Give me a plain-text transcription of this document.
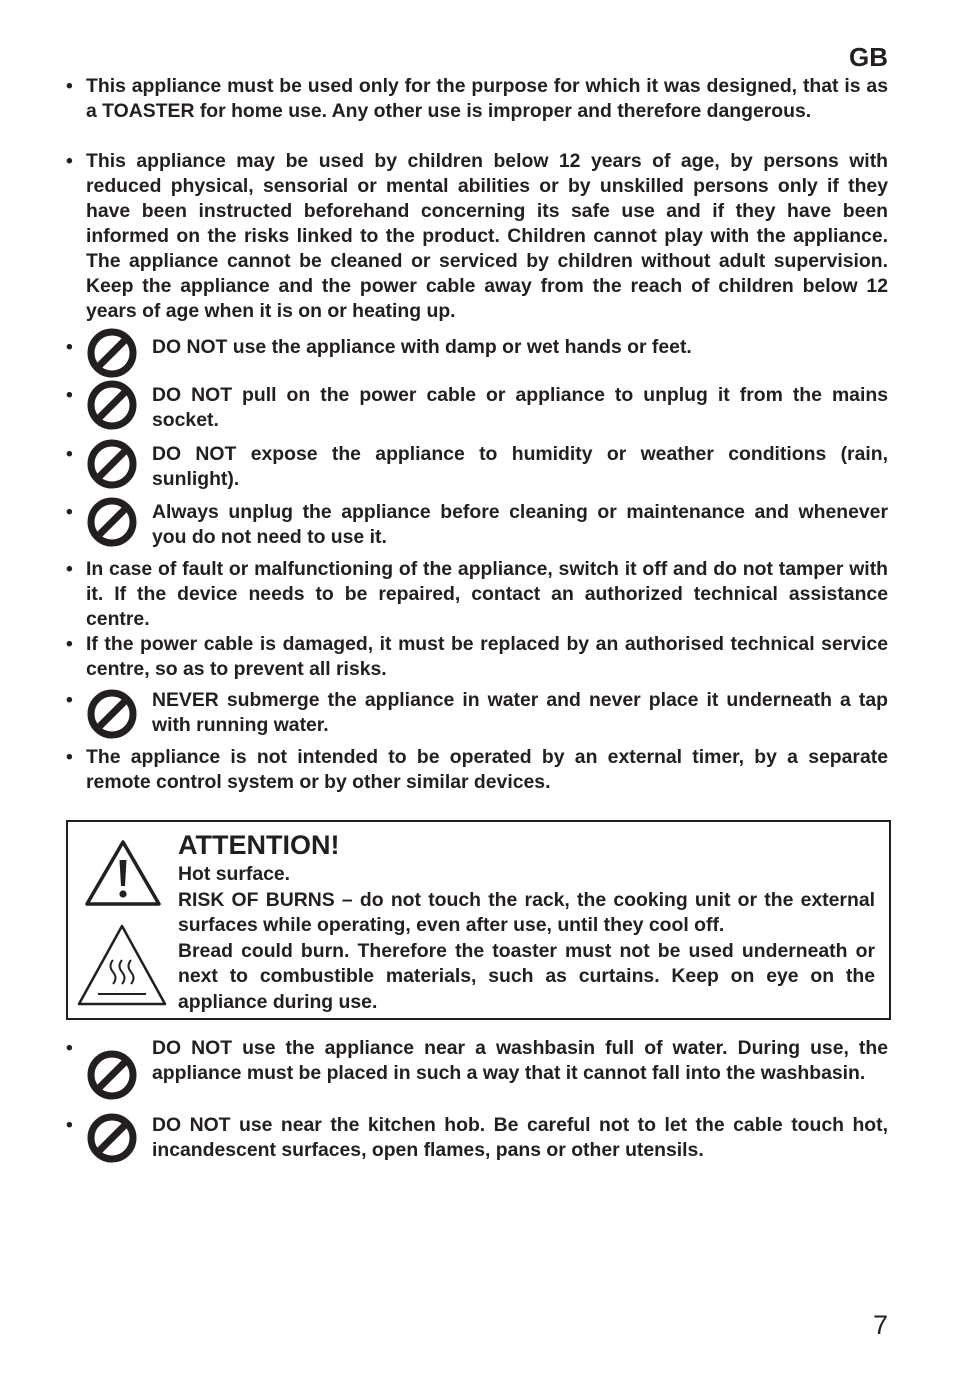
GB
• This appliance must be used only for the purpose for which it was designed, that is as a TOASTER for home use. Any other use is improper and therefore dangerous.
• This appliance may be used by children below 12 years of age, by persons with reduced physical, sensorial or mental abilities or by unskilled persons only if they have been instructed beforehand concerning its safe use and if they have been informed on the risks linked to the product. Children cannot play with the appliance. The appliance cannot be cleaned or serviced by children without adult supervision. Keep the appliance and the power cable away from the reach of children below 12 years of age when it is on or heating up.
•	DO NOT use the appliance with damp or wet hands or feet.
•	DO NOT pull on the power cable or appliance to unplug it from the mains socket.
•	DO NOT expose the appliance to humidity or weather conditions (rain, sunlight).
•	Always unplug the appliance before cleaning or maintenance and whenever you do not need to use it.
• In case of fault or malfunctioning of the appliance, switch it off and do not tamper with it. If the device needs to be repaired, contact an authorized technical assistance centre.
• If the power cable is damaged, it must be replaced by an authorised technical service centre, so as to prevent all risks.
•	NEVER submerge the appliance in water and never place it underneath a tap with running water.
• The appliance is not intended to be operated by an external timer, by a separate remote control system or by other similar devices.
ATTENTION!
Hot surface.
RISK OF BURNS – do not touch the rack, the cooking unit or the external surfaces while operating, even after use, until they cool off.
Bread could burn. Therefore the toaster must not be used underneath or next to combustible materials, such as curtains. Keep on eye on the appliance during use.
•	DO NOT use the appliance near a washbasin full of water. During use, the appliance must be placed in such a way that it cannot fall into the washbasin.
•	DO NOT use near the kitchen hob. Be careful not to let the cable touch hot, incandescent surfaces, open flames, pans or other utensils.
7
